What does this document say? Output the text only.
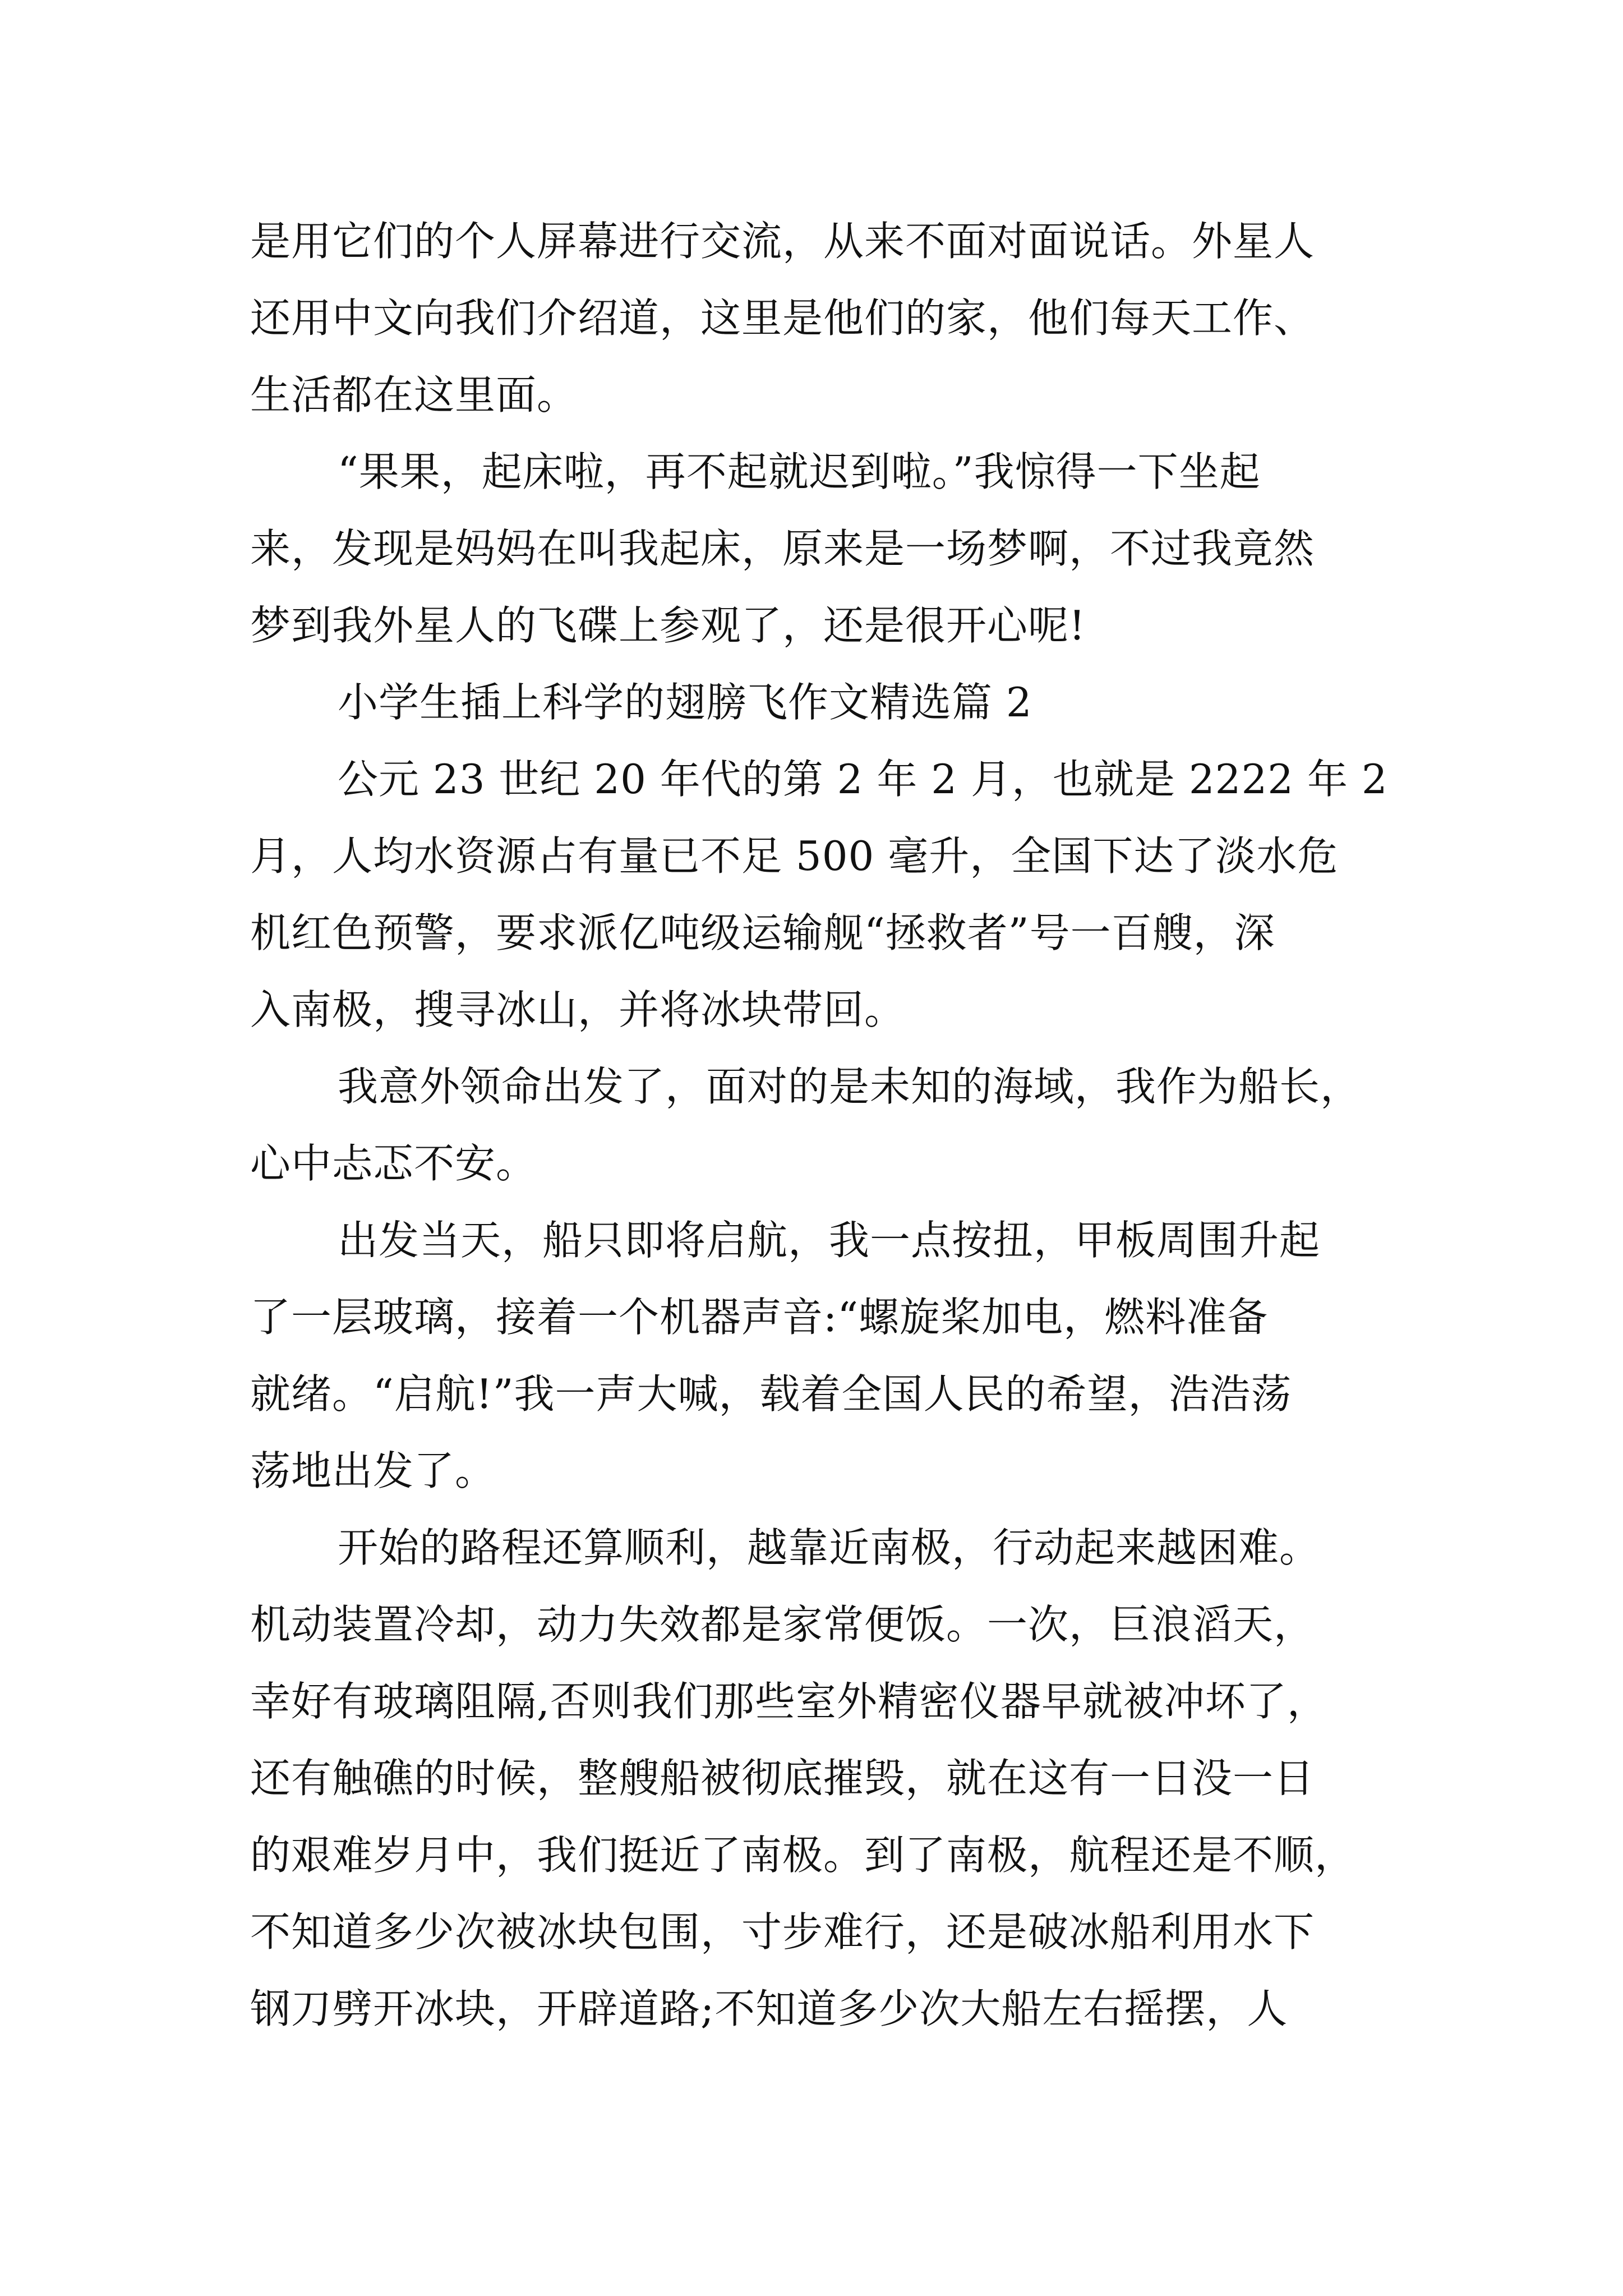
是用它们的个人屏幕进行交流，从来不面对面说话。外星人
还用中文向我们介绍道，这里是他们的家，他们每天工作、
生活都在这里面。
“果果，起床啦，再不起就迟到啦。”我惊得一下坐起
来，发现是妈妈在叫我起床，原来是一场梦啊，不过我竟然
梦到我外星人的飞碟上参观了，还是很开心呢!
小学生插上科学的翅膀飞作文精选篇 2
公元 23 世纪 20 年代的第 2 年 2 月，也就是 2222 年 2
月，人均水资源占有量已不足 500 毫升，全国下达了淡水危
机红色预警，要求派亿吨级运输舰“拯救者”号一百艘，深
入南极，搜寻冰山，并将冰块带回。
我意外领命出发了，面对的是未知的海域，我作为船长，
心中忐忑不安。
出发当天，船只即将启航，我一点按扭，甲板周围升起
了一层玻璃，接着一个机器声音:“螺旋桨加电，燃料准备
就绪。“启航!”我一声大喊，载着全国人民的希望，浩浩荡
荡地出发了。
开始的路程还算顺利，越靠近南极，行动起来越困难。
机动装置冷却，动力失效都是家常便饭。一次，巨浪滔天，
幸好有玻璃阻隔,否则我们那些室外精密仪器早就被冲坏了，
还有触礁的时候，整艘船被彻底摧毁，就在这有一日没一日
的艰难岁月中，我们挺近了南极。到了南极，航程还是不顺，
不知道多少次被冰块包围，寸步难行，还是破冰船利用水下
钢刀劈开冰块，开辟道路;不知道多少次大船左右摇摆，人
